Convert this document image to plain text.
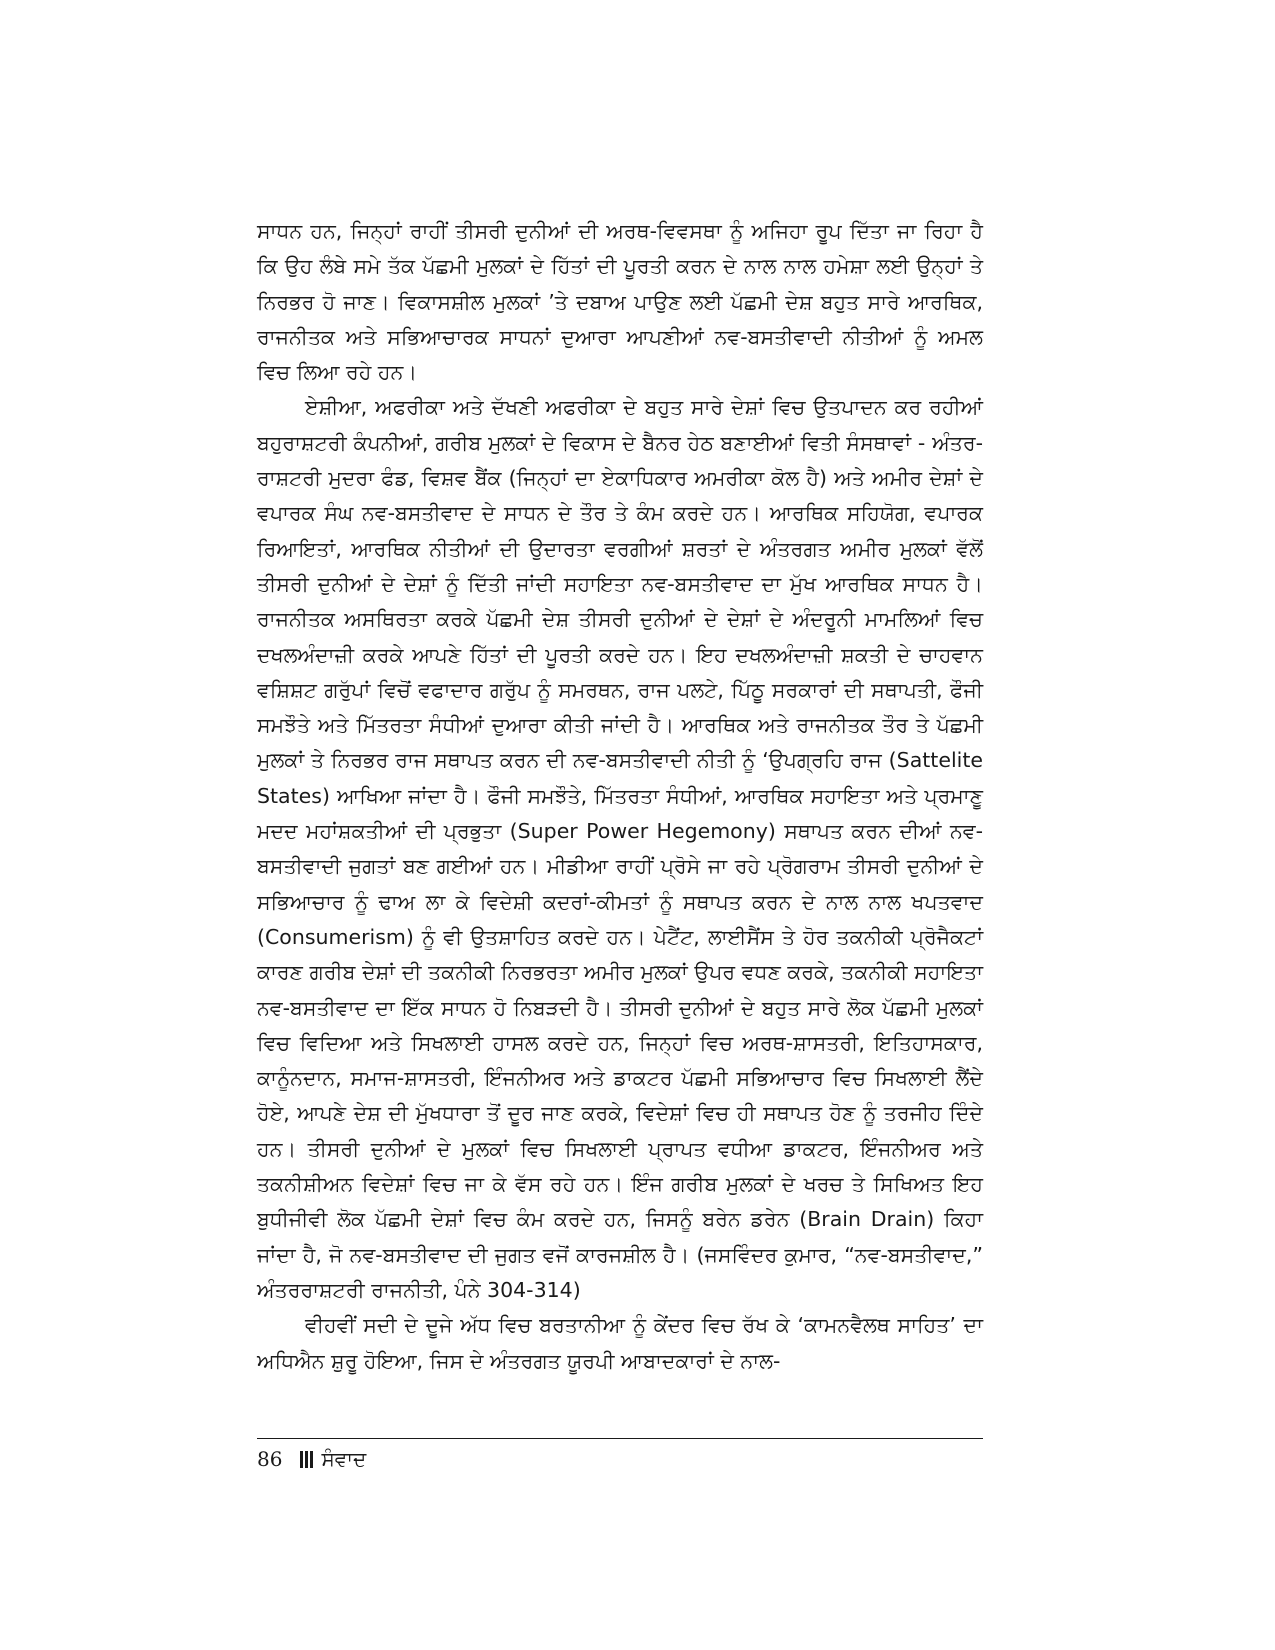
ਸਾਧਨ ਹਨ, ਜਿਨ੍ਹਾਂ ਰਾਹੀਂ ਤੀਸਰੀ ਦੁਨੀਆਂ ਦੀ ਅਰਥ-ਵਿਵਸਥਾ ਨੂੰ ਅਜਿਹਾ ਰੂਪ ਦਿੱਤਾ ਜਾ ਰਿਹਾ ਹੈ ਕਿ ਉਹ ਲੰਬੇ ਸਮੇ ਤੱਕ ਪੱਛਮੀ ਮੁਲਕਾਂ ਦੇ ਹਿੱਤਾਂ ਦੀ ਪੂਰਤੀ ਕਰਨ ਦੇ ਨਾਲ ਨਾਲ ਹਮੇਸ਼ਾ ਲਈ ਉਨ੍ਹਾਂ ਤੇ ਨਿਰਭਰ ਹੋ ਜਾਣ। ਵਿਕਾਸਸ਼ੀਲ ਮੁਲਕਾਂ ’ਤੇ ਦਬਾਅ ਪਾਉਣ ਲਈ ਪੱਛਮੀ ਦੇਸ਼ ਬਹੁਤ ਸਾਰੇ ਆਰਥਿਕ, ਰਾਜਨੀਤਕ ਅਤੇ ਸਭਿਆਚਾਰਕ ਸਾਧਨਾਂ ਦੁਆਰਾ ਆਪਣੀਆਂ ਨਵ-ਬਸਤੀਵਾਦੀ ਨੀਤੀਆਂ ਨੂੰ ਅਮਲ ਵਿਚ ਲਿਆ ਰਹੇ ਹਨ।

ਏਸ਼ੀਆ, ਅਫਰੀਕਾ ਅਤੇ ਦੱਖਣੀ ਅਫਰੀਕਾ ਦੇ ਬਹੁਤ ਸਾਰੇ ਦੇਸ਼ਾਂ ਵਿਚ ਉਤਪਾਦਨ ਕਰ ਰਹੀਆਂ ਬਹੁਰਾਸ਼ਟਰੀ ਕੰਪਨੀਆਂ, ਗਰੀਬ ਮੁਲਕਾਂ ਦੇ ਵਿਕਾਸ ਦੇ ਬੈਨਰ ਹੇਠ ਬਣਾਈਆਂ ਵਿਤੀ ਸੰਸਥਾਵਾਂ - ਅੰਤਰ-ਰਾਸ਼ਟਰੀ ਮੁਦਰਾ ਫੰਡ, ਵਿਸ਼ਵ ਬੈਂਕ (ਜਿਨ੍ਹਾਂ ਦਾ ਏਕਾਧਿਕਾਰ ਅਮਰੀਕਾ ਕੋਲ ਹੈ) ਅਤੇ ਅਮੀਰ ਦੇਸ਼ਾਂ ਦੇ ਵਪਾਰਕ ਸੰਘ ਨਵ-ਬਸਤੀਵਾਦ ਦੇ ਸਾਧਨ ਦੇ ਤੌਰ ਤੇ ਕੰਮ ਕਰਦੇ ਹਨ। ਆਰਥਿਕ ਸਹਿਯੋਗ, ਵਪਾਰਕ ਰਿਆਇਤਾਂ, ਆਰਥਿਕ ਨੀਤੀਆਂ ਦੀ ਉਦਾਰਤਾ ਵਰਗੀਆਂ ਸ਼ਰਤਾਂ ਦੇ ਅੰਤਰਗਤ ਅਮੀਰ ਮੁਲਕਾਂ ਵੱਲੋਂ ਤੀਸਰੀ ਦੁਨੀਆਂ ਦੇ ਦੇਸ਼ਾਂ ਨੂੰ ਦਿੱਤੀ ਜਾਂਦੀ ਸਹਾਇਤਾ ਨਵ-ਬਸਤੀਵਾਦ ਦਾ ਮੁੱਖ ਆਰਥਿਕ ਸਾਧਨ ਹੈ। ਰਾਜਨੀਤਕ ਅਸਥਿਰਤਾ ਕਰਕੇ ਪੱਛਮੀ ਦੇਸ਼ ਤੀਸਰੀ ਦੁਨੀਆਂ ਦੇ ਦੇਸ਼ਾਂ ਦੇ ਅੰਦਰੂਨੀ ਮਾਮਲਿਆਂ ਵਿਚ ਦਖਲਅੰਦਾਜ਼ੀ ਕਰਕੇ ਆਪਣੇ ਹਿੱਤਾਂ ਦੀ ਪੂਰਤੀ ਕਰਦੇ ਹਨ। ਇਹ ਦਖਲਅੰਦਾਜ਼ੀ ਸ਼ਕਤੀ ਦੇ ਚਾਹਵਾਨ ਵਸ਼ਿਸ਼ਟ ਗਰੁੱਪਾਂ ਵਿਚੋਂ ਵਫਾਦਾਰ ਗਰੁੱਪ ਨੂੰ ਸਮਰਥਨ, ਰਾਜ ਪਲਟੇ, ਪਿੱਠੂ ਸਰਕਾਰਾਂ ਦੀ ਸਥਾਪਤੀ, ਫੌਜੀ ਸਮਝੌਤੇ ਅਤੇ ਮਿੱਤਰਤਾ ਸੰਧੀਆਂ ਦੁਆਰਾ ਕੀਤੀ ਜਾਂਦੀ ਹੈ। ਆਰਥਿਕ ਅਤੇ ਰਾਜਨੀਤਕ ਤੌਰ ਤੇ ਪੱਛਮੀ ਮੁਲਕਾਂ ਤੇ ਨਿਰਭਰ ਰਾਜ ਸਥਾਪਤ ਕਰਨ ਦੀ ਨਵ-ਬਸਤੀਵਾਦੀ ਨੀਤੀ ਨੂੰ ‘ਉਪਗ੍ਰਹਿ ਰਾਜ (Sattelite States) ਆਖਿਆ ਜਾਂਦਾ ਹੈ। ਫੌਜੀ ਸਮਝੌਤੇ, ਮਿੱਤਰਤਾ ਸੰਧੀਆਂ, ਆਰਥਿਕ ਸਹਾਇਤਾ ਅਤੇ ਪ੍ਰਮਾਣੂ ਮਦਦ ਮਹਾਂਸ਼ਕਤੀਆਂ ਦੀ ਪ੍ਰਭੁਤਾ (Super Power Hegemony) ਸਥਾਪਤ ਕਰਨ ਦੀਆਂ ਨਵ-ਬਸਤੀਵਾਦੀ ਜੁਗਤਾਂ ਬਣ ਗਈਆਂ ਹਨ। ਮੀਡੀਆ ਰਾਹੀਂ ਪ੍ਰੋਸੇ ਜਾ ਰਹੇ ਪ੍ਰੋਗਰਾਮ ਤੀਸਰੀ ਦੁਨੀਆਂ ਦੇ ਸਭਿਆਚਾਰ ਨੂੰ ਢਾਅ ਲਾ ਕੇ ਵਿਦੇਸ਼ੀ ਕਦਰਾਂ-ਕੀਮਤਾਂ ਨੂੰ ਸਥਾਪਤ ਕਰਨ ਦੇ ਨਾਲ ਨਾਲ ਖਪਤਵਾਦ (Consumerism) ਨੂੰ ਵੀ ਉਤਸ਼ਾਹਿਤ ਕਰਦੇ ਹਨ। ਪੇਟੈਂਟ, ਲਾਈਸੈਂਸ ਤੇ ਹੋਰ ਤਕਨੀਕੀ ਪ੍ਰੋਜੈਕਟਾਂ ਕਾਰਣ ਗਰੀਬ ਦੇਸ਼ਾਂ ਦੀ ਤਕਨੀਕੀ ਨਿਰਭਰਤਾ ਅਮੀਰ ਮੁਲਕਾਂ ਉਪਰ ਵਧਣ ਕਰਕੇ, ਤਕਨੀਕੀ ਸਹਾਇਤਾ ਨਵ-ਬਸਤੀਵਾਦ ਦਾ ਇੱਕ ਸਾਧਨ ਹੋ ਨਿਬੜਦੀ ਹੈ। ਤੀਸਰੀ ਦੁਨੀਆਂ ਦੇ ਬਹੁਤ ਸਾਰੇ ਲੋਕ ਪੱਛਮੀ ਮੁਲਕਾਂ ਵਿਚ ਵਿਦਿਆ ਅਤੇ ਸਿਖਲਾਈ ਹਾਸਲ ਕਰਦੇ ਹਨ, ਜਿਨ੍ਹਾਂ ਵਿਚ ਅਰਥ-ਸ਼ਾਸਤਰੀ, ਇਤਿਹਾਸਕਾਰ, ਕਾਨੂੰਨਦਾਨ, ਸਮਾਜ-ਸ਼ਾਸਤਰੀ, ਇੰਜਨੀਅਰ ਅਤੇ ਡਾਕਟਰ ਪੱਛਮੀ ਸਭਿਆਚਾਰ ਵਿਚ ਸਿਖਲਾਈ ਲੈਂਦੇ ਹੋਏ, ਆਪਣੇ ਦੇਸ਼ ਦੀ ਮੁੱਖਧਾਰਾ ਤੋਂ ਦੂਰ ਜਾਣ ਕਰਕੇ, ਵਿਦੇਸ਼ਾਂ ਵਿਚ ਹੀ ਸਥਾਪਤ ਹੋਣ ਨੂੰ ਤਰਜੀਹ ਦਿੰਦੇ ਹਨ। ਤੀਸਰੀ ਦੁਨੀਆਂ ਦੇ ਮੁਲਕਾਂ ਵਿਚ ਸਿਖਲਾਈ ਪ੍ਰਾਪਤ ਵਧੀਆ ਡਾਕਟਰ, ਇੰਜਨੀਅਰ ਅਤੇ ਤਕਨੀਸ਼ੀਅਨ ਵਿਦੇਸ਼ਾਂ ਵਿਚ ਜਾ ਕੇ ਵੱਸ ਰਹੇ ਹਨ। ਇੰਜ ਗਰੀਬ ਮੁਲਕਾਂ ਦੇ ਖਰਚ ਤੇ ਸਿਖਿਅਤ ਇਹ ਬੁਧੀਜੀਵੀ ਲੋਕ ਪੱਛਮੀ ਦੇਸ਼ਾਂ ਵਿਚ ਕੰਮ ਕਰਦੇ ਹਨ, ਜਿਸਨੂੰ ਬਰੇਨ ਡਰੇਨ (Brain Drain) ਕਿਹਾ ਜਾਂਦਾ ਹੈ, ਜੋ ਨਵ-ਬਸਤੀਵਾਦ ਦੀ ਜੁਗਤ ਵਜੋਂ ਕਾਰਜਸ਼ੀਲ ਹੈ। (ਜਸਵਿੰਦਰ ਕੁਮਾਰ, “ਨਵ-ਬਸਤੀਵਾਦ,” ਅੰਤਰਰਾਸ਼ਟਰੀ ਰਾਜਨੀਤੀ, ਪੰਨੇ 304-314)

ਵੀਹਵੀਂ ਸਦੀ ਦੇ ਦੂਜੇ ਅੱਧ ਵਿਚ ਬਰਤਾਨੀਆ ਨੂੰ ਕੇਂਦਰ ਵਿਚ ਰੱਖ ਕੇ ‘ਕਾਮਨਵੈਲਥ ਸਾਹਿਤ’ ਦਾ ਅਧਿਐਨ ਸ਼ੁਰੂ ਹੋਇਆ, ਜਿਸ ਦੇ ਅੰਤਰਗਤ ਯੂਰਪੀ ਆਬਾਦਕਾਰਾਂ ਦੇ ਨਾਲ-

86 ਸੰਵਾਦ
